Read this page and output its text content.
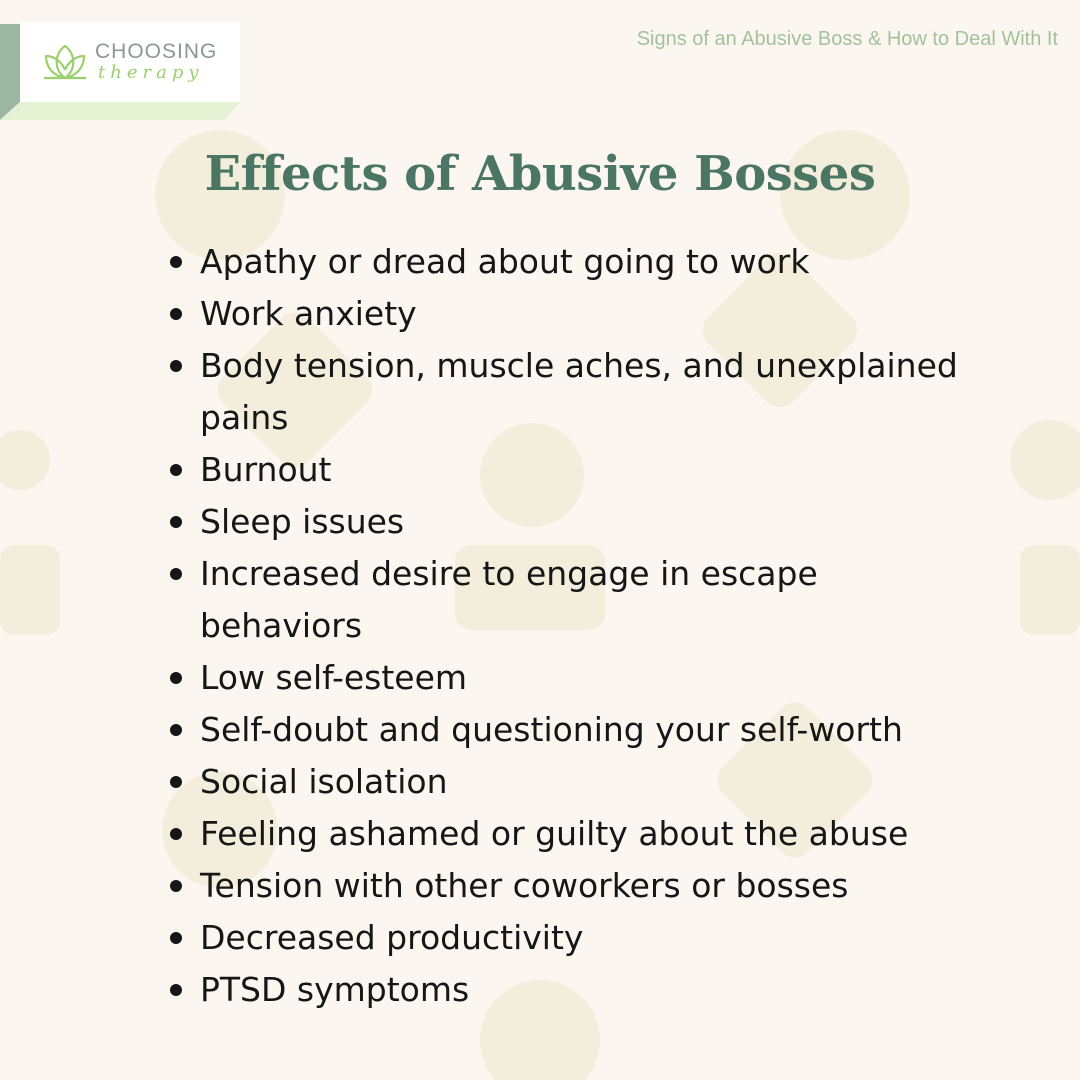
CHOOSING
therapy
Signs of an Abusive Boss & How to Deal With It
Effects of Abusive Bosses
Apathy or dread about going to work
Work anxiety
Body tension, muscle aches, and unexplained pains
Burnout
Sleep issues
Increased desire to engage in escape behaviors
Low self-esteem
Self-doubt and questioning your self-worth
Social isolation
Feeling ashamed or guilty about the abuse
Tension with other coworkers or bosses
Decreased productivity
PTSD symptoms
